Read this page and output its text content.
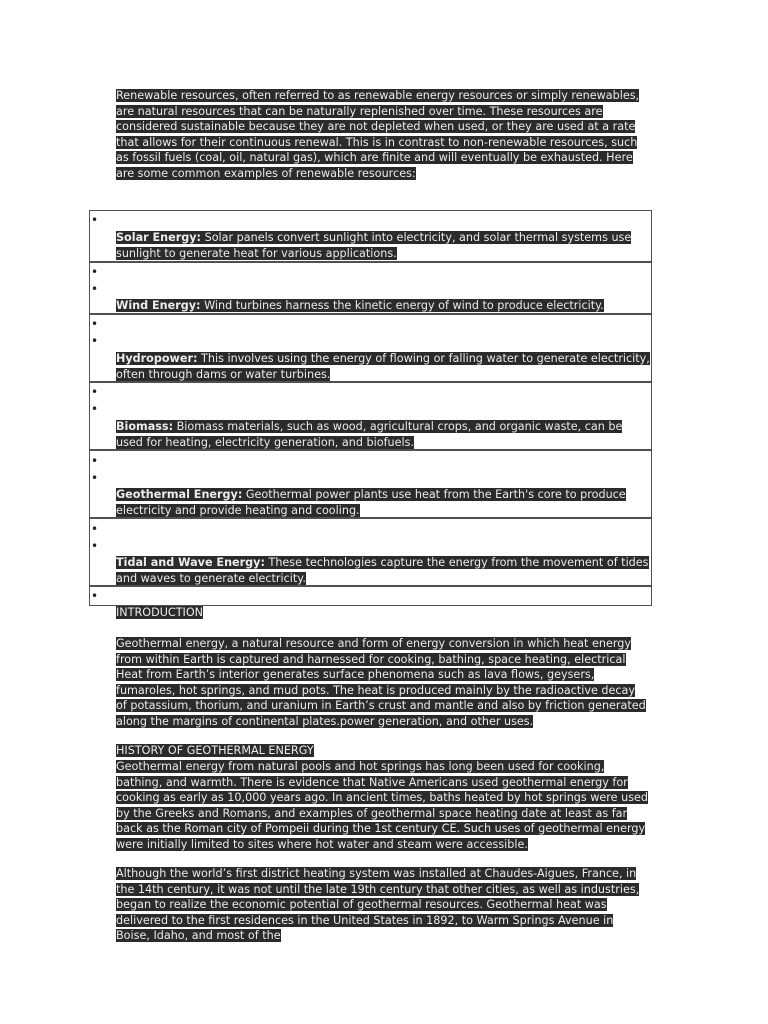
Renewable resources, often referred to as renewable energy resources or simply renewables, are natural resources that can be naturally replenished over time. These resources are considered sustainable because they are not depleted when used, or they are used at a rate that allows for their continuous renewal. This is in contrast to non-renewable resources, such as fossil fuels (coal, oil, natural gas), which are finite and will eventually be exhausted. Here are some common examples of renewable resources:

•
•
•
•
•
•
•
•
•
•
•
•

Solar Energy: Solar panels convert sunlight into electricity, and solar thermal systems use sunlight to generate heat for various applications.

Wind Energy: Wind turbines harness the kinetic energy of wind to produce electricity.

Hydropower: This involves using the energy of flowing or falling water to generate electricity, often through dams or water turbines.

Biomass: Biomass materials, such as wood, agricultural crops, and organic waste, can be used for heating, electricity generation, and biofuels.

Geothermal Energy: Geothermal power plants use heat from the Earth's core to produce electricity and provide heating and cooling.

Tidal and Wave Energy: These technologies capture the energy from the movement of tides and waves to generate electricity.

INTRODUCTION

Geothermal energy, a natural resource and form of energy conversion in which heat energy from within Earth is captured and harnessed for cooking, bathing, space heating, electrical Heat from Earth’s interior generates surface phenomena such as lava flows, geysers, fumaroles, hot springs, and mud pots. The heat is produced mainly by the radioactive decay of potassium, thorium, and uranium in Earth’s crust and mantle and also by friction generated along the margins of continental plates.power generation, and other uses.

HISTORY OF GEOTHERMAL ENERGY

Geothermal energy from natural pools and hot springs has long been used for cooking, bathing, and warmth. There is evidence that Native Americans used geothermal energy for cooking as early as 10,000 years ago. In ancient times, baths heated by hot springs were used by the Greeks and Romans, and examples of geothermal space heating date at least as far back as the Roman city of Pompeii during the 1st century CE. Such uses of geothermal energy were initially limited to sites where hot water and steam were accessible.

Although the world’s first district heating system was installed at Chaudes-Aigues, France, in the 14th century, it was not until the late 19th century that other cities, as well as industries, began to realize the economic potential of geothermal resources. Geothermal heat was delivered to the first residences in the United States in 1892, to Warm Springs Avenue in Boise, Idaho, and most of the
